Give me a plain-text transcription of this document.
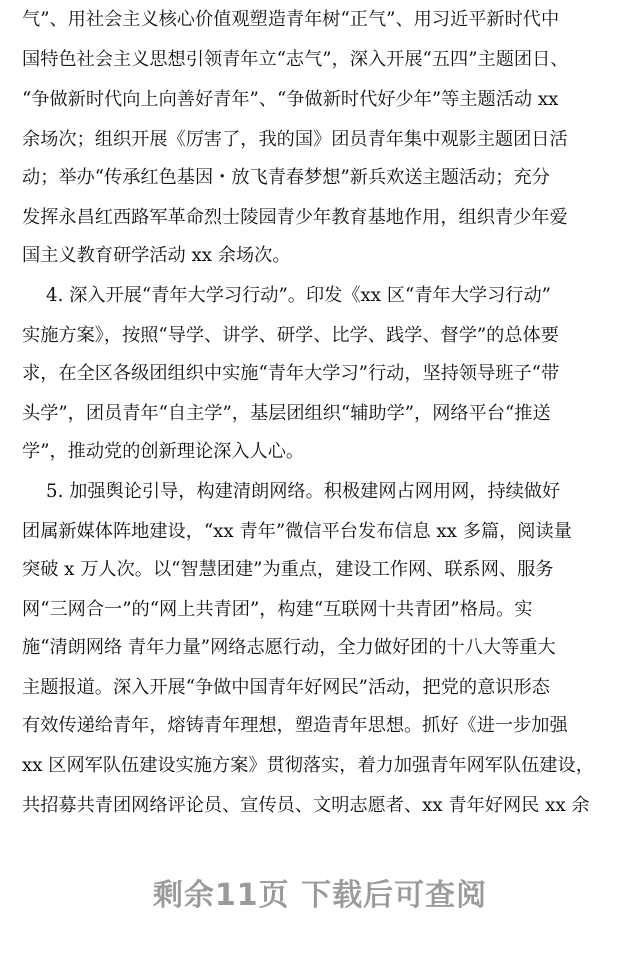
气”、用社会主义核心价值观塑造青年树“正气”、用习近平新时代中
国特色社会主义思想引领青年立“志气”，深入开展“五四”主题团日、
“争做新时代向上向善好青年”、“争做新时代好少年”等主题活动 xx
余场次；组织开展《厉害了，我的国》团员青年集中观影主题团日活
动；举办“传承红色基因・放飞青春梦想”新兵欢送主题活动；充分
发挥永昌红西路军革命烈士陵园青少年教育基地作用，组织青少年爱
国主义教育研学活动 xx 余场次。
4. 深入开展“青年大学习行动”。印发《xx 区“青年大学习行动”
实施方案》，按照“导学、讲学、研学、比学、践学、督学”的总体要
求，在全区各级团组织中实施“青年大学习”行动，坚持领导班子“带
头学”，团员青年“自主学”，基层团组织“辅助学”，网络平台“推送
学”，推动党的创新理论深入人心。
5. 加强舆论引导，构建清朗网络。积极建网占网用网，持续做好
团属新媒体阵地建设，“xx 青年”微信平台发布信息 xx 多篇，阅读量
突破 x 万人次。以“智慧团建”为重点，建设工作网、联系网、服务
网“三网合一”的“网上共青团”，构建“互联网十共青团”格局。实
施“清朗网络 青年力量”网络志愿行动，全力做好团的十八大等重大
主题报道。深入开展“争做中国青年好网民”活动，把党的意识形态
有效传递给青年，熔铸青年理想，塑造青年思想。抓好《进一步加强
xx 区网军队伍建设实施方案》贯彻落实，着力加强青年网军队伍建设，
共招募共青团网络评论员、宣传员、文明志愿者、xx 青年好网民 xx 余
剩余11页 下载后可查阅
